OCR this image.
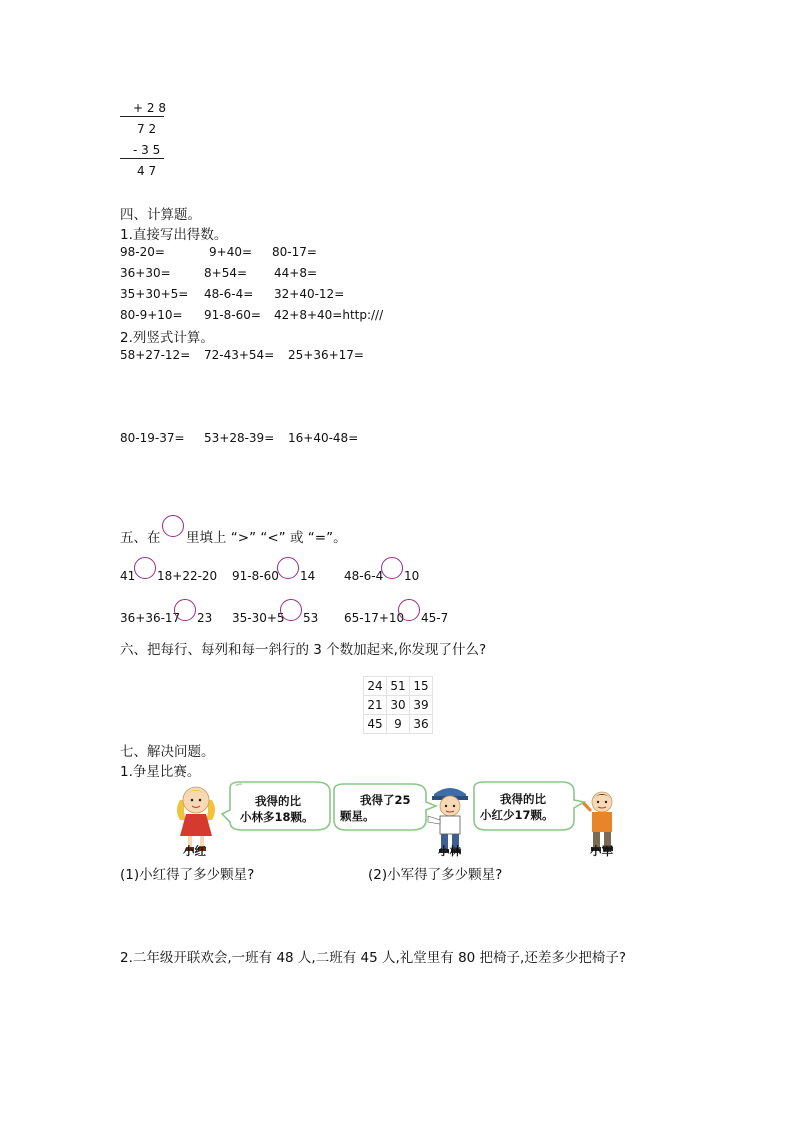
+ 2 8
7 2
- 3 5
4 7
四、计算题。
1.直接写出得数。
98-20=	9+40= 80-17=
36+30=	8+54= 44+8=
35+30+5= 48-6-4= 32+40-12=
80-9+10= 91-8-60= 42+8+40=http:///
2.列竖式计算。
58+27-12= 72-43+54= 25+36+17=
80-19-37= 53+28-39= 16+40-48=
五、在 里填上 “>” “<” 或 “=”。
41 18+22-20 91-8-60 14 48-6-4 10
36+36-17 23 35-30+5 53 65-17+10 45-7
六、把每行、每列和每一斜行的 3 个数加起来,你发现了什么?
24	51	15
21	30	39
45	9	36
七、解决问题。
1.争星比赛。
我得的比
小林多18颗。
我得了25
颗星。
我得的比
小红少17颗。
小红	小林	小军
(1)小红得了多少颗星?	(2)小军得了多少颗星?
2.二年级开联欢会,一班有 48 人,二班有 45 人,礼堂里有 80 把椅子,还差多少把椅子?
